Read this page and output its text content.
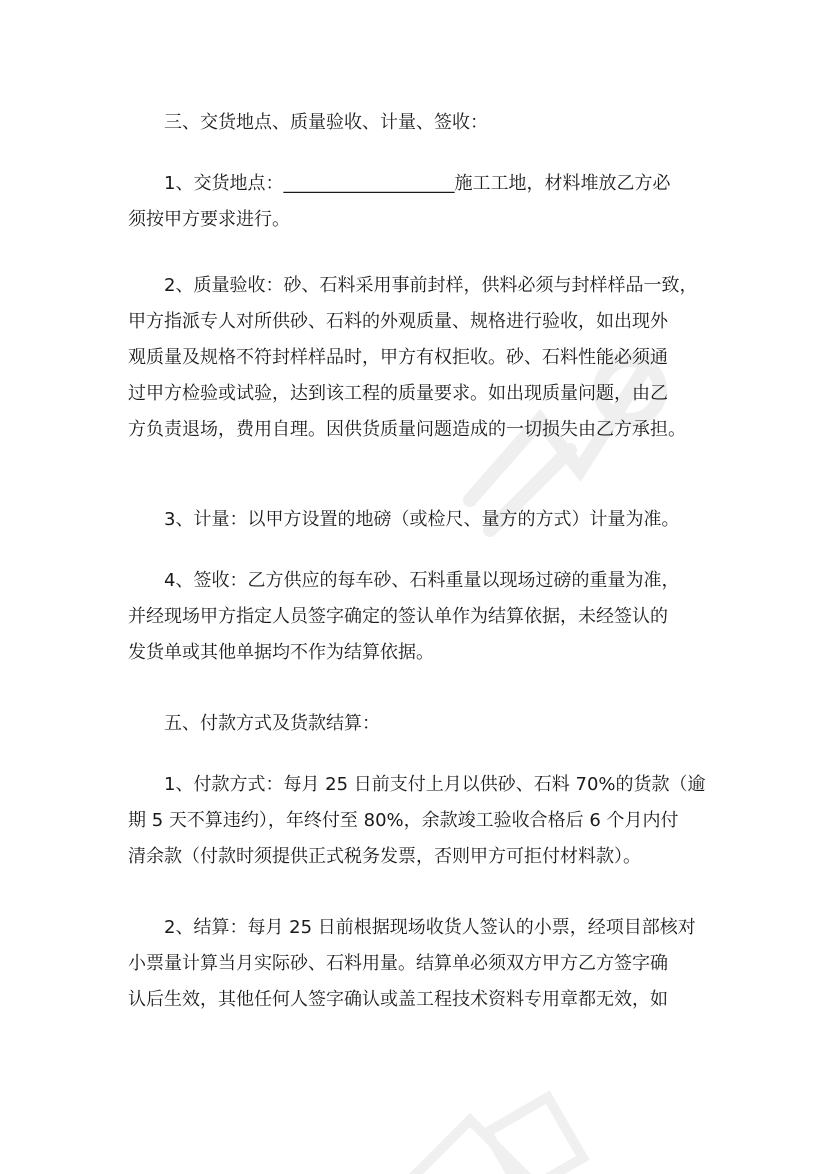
三、交货地点、质量验收、计量、签收：
1、交货地点：___________________施工工地，材料堆放乙方必
须按甲方要求进行。
2、质量验收：砂、石料采用事前封样，供料必须与封样样品一致，
甲方指派专人对所供砂、石料的外观质量、规格进行验收，如出现外
观质量及规格不符封样样品时，甲方有权拒收。砂、石料性能必须通
过甲方检验或试验，达到该工程的质量要求。如出现质量问题，由乙
方负责退场，费用自理。因供货质量问题造成的一切损失由乙方承担。
3、计量：以甲方设置的地磅（或检尺、量方的方式）计量为准。
4、签收：乙方供应的每车砂、石料重量以现场过磅的重量为准，
并经现场甲方指定人员签字确定的签认单作为结算依据，未经签认的
发货单或其他单据均不作为结算依据。
五、付款方式及货款结算：
1、付款方式：每月 25 日前支付上月以供砂、石料 70%的货款（逾
期 5 天不算违约），年终付至 80%，余款竣工验收合格后 6 个月内付
清余款（付款时须提供正式税务发票，否则甲方可拒付材料款）。
2、结算：每月 25 日前根据现场收货人签认的小票，经项目部核对
小票量计算当月实际砂、石料用量。结算单必须双方甲方乙方签字确
认后生效，其他任何人签字确认或盖工程技术资料专用章都无效，如
